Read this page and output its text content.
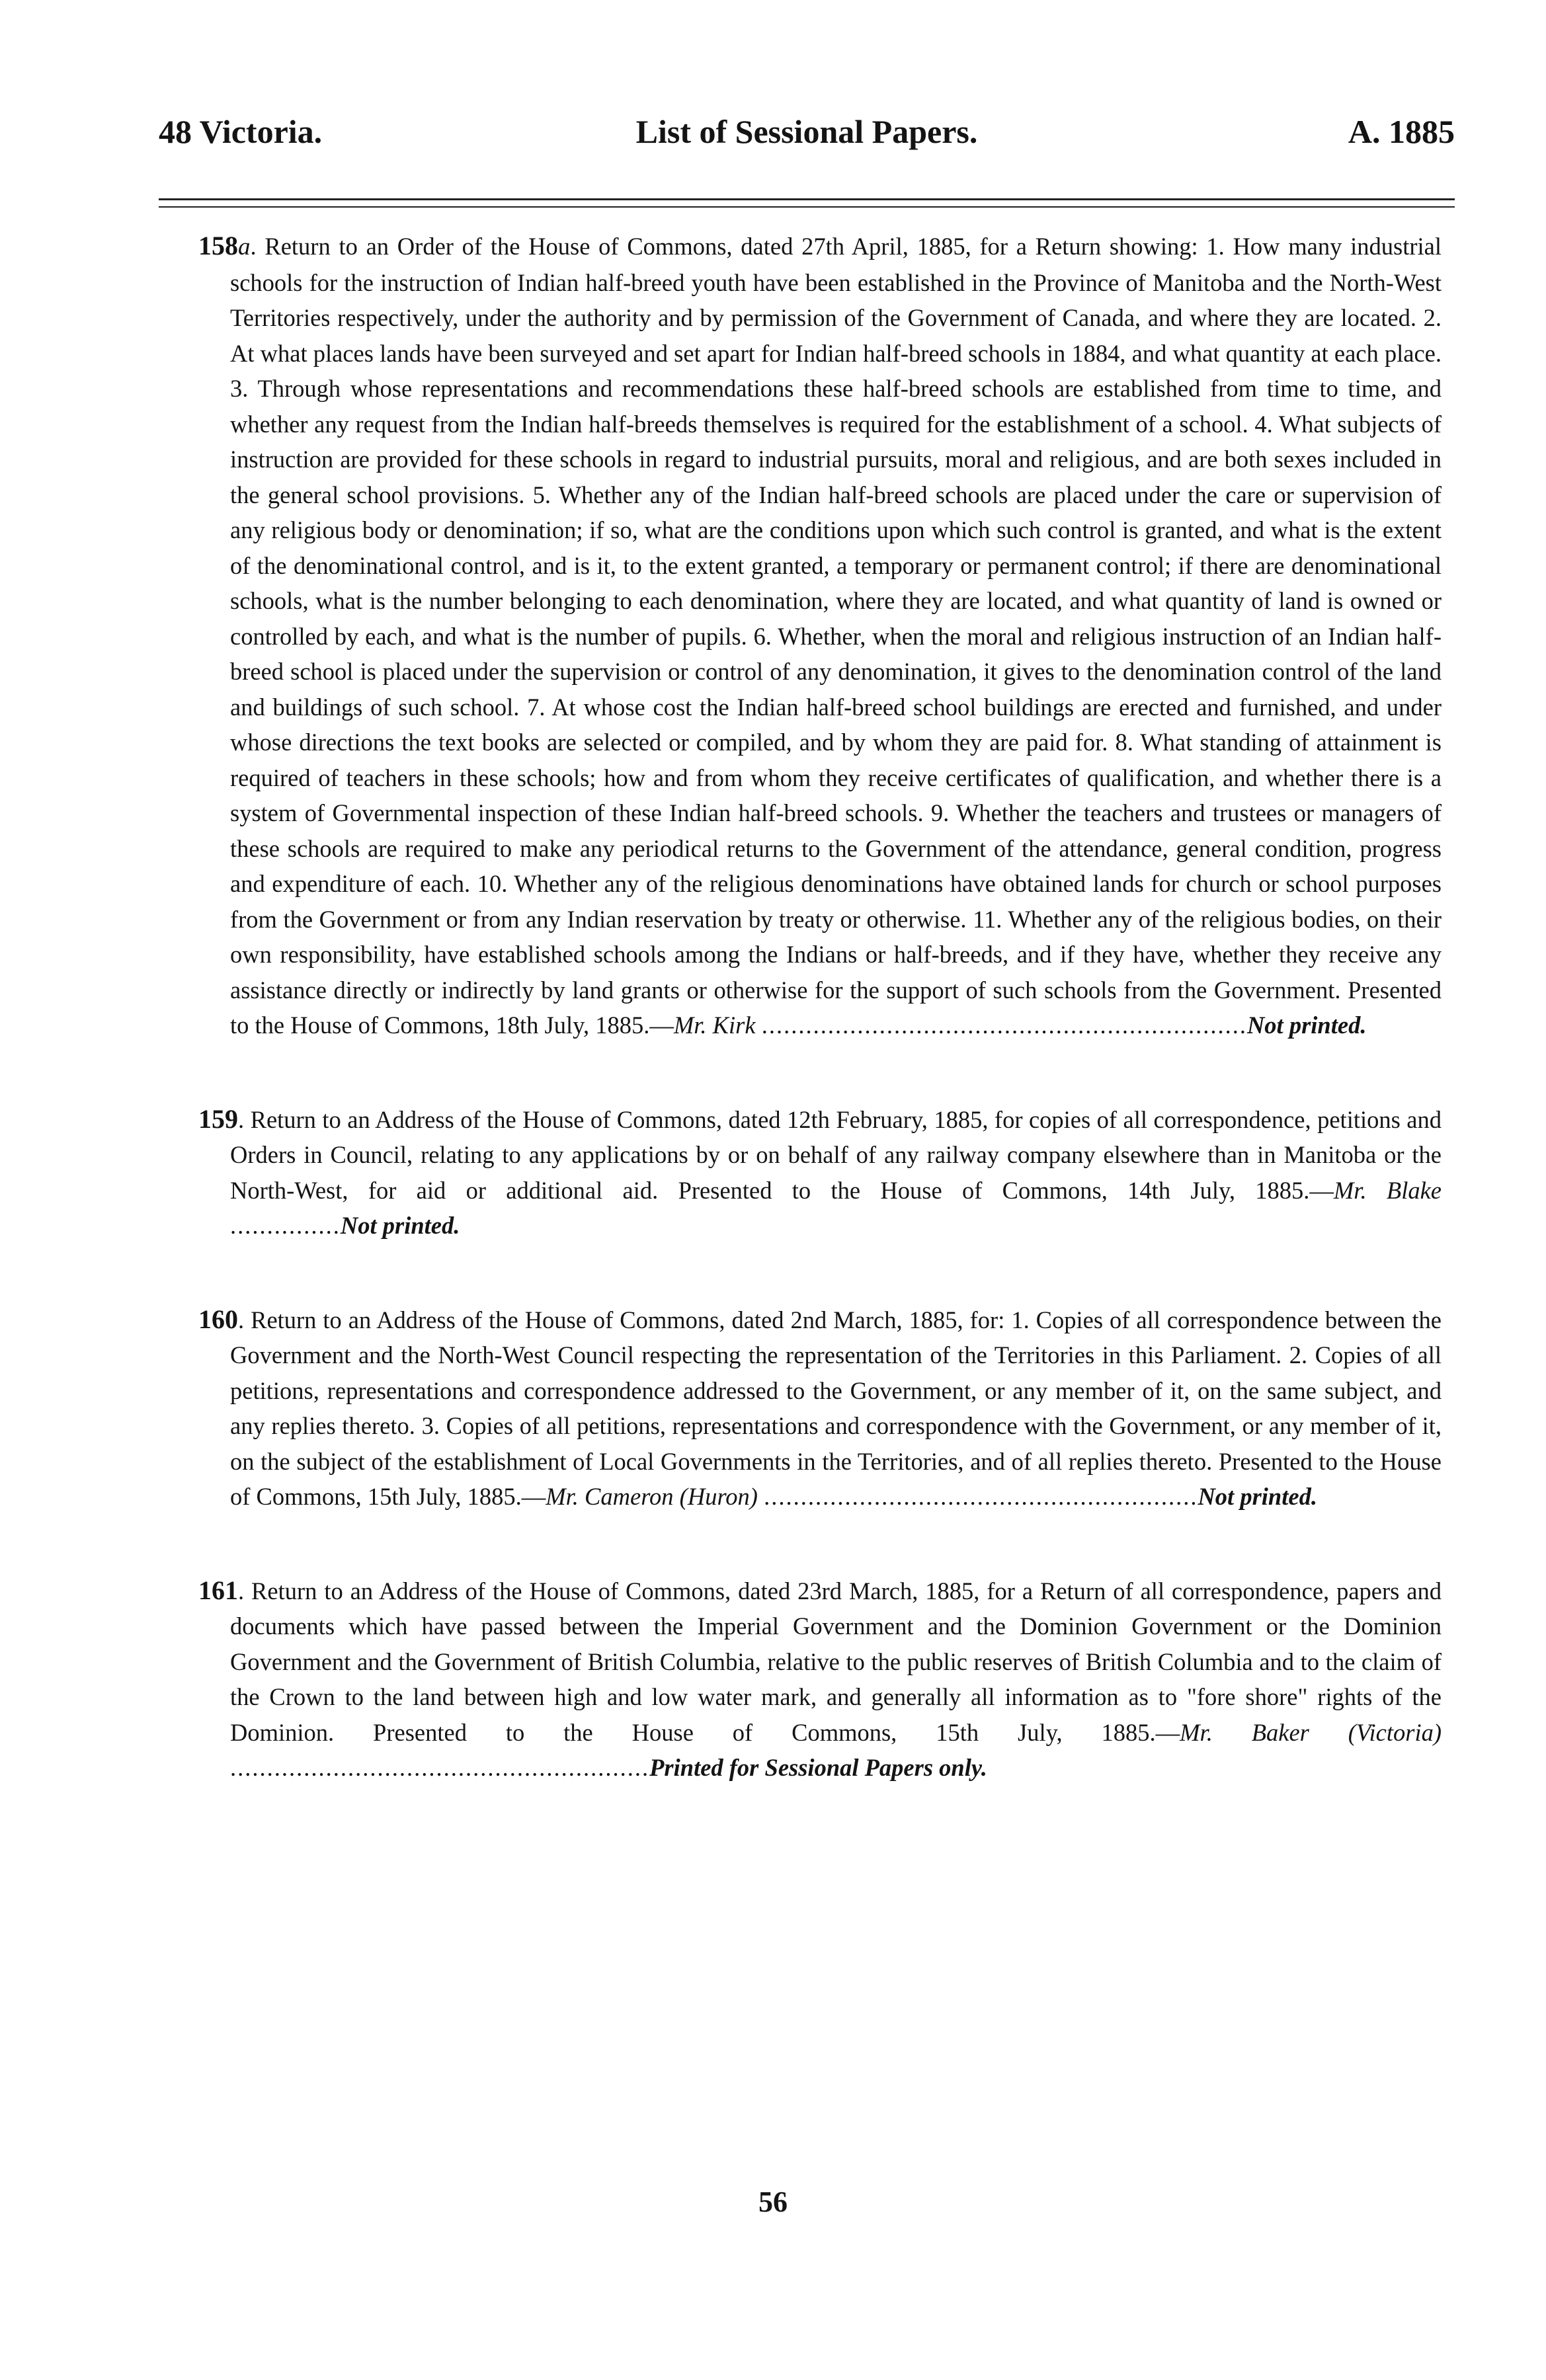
48 Victoria.	List of Sessional Papers.	A. 1885

158a. Return to an Order of the House of Commons, dated 27th April, 1885, for a Return showing: 1. How many industrial schools for the instruction of Indian half-breed youth have been established in the Province of Manitoba and the North-West Territories respectively, under the authority and by permission of the Government of Canada, and where they are located. 2. At what places lands have been surveyed and set apart for Indian half-breed schools in 1884, and what quantity at each place. 3. Through whose representations and recommendations these half-breed schools are established from time to time, and whether any request from the Indian half-breeds themselves is required for the establishment of a school. 4. What subjects of instruction are provided for these schools in regard to industrial pursuits, moral and religious, and are both sexes included in the general school provisions. 5. Whether any of the Indian half-breed schools are placed under the care or supervision of any religious body or denomination; if so, what are the conditions upon which such control is granted, and what is the extent of the denominational control, and is it, to the extent granted, a temporary or permanent control; if there are denominational schools, what is the number belonging to each denomination, where they are located, and what quantity of land is owned or controlled by each, and what is the number of pupils. 6. Whether, when the moral and religious instruction of an Indian half-breed school is placed under the supervision or control of any denomination, it gives to the denomination control of the land and buildings of such school. 7. At whose cost the Indian half-breed school buildings are erected and furnished, and under whose directions the text books are selected or compiled, and by whom they are paid for. 8. What standing of attainment is required of teachers in these schools; how and from whom they receive certificates of qualification, and whether there is a system of Governmental inspection of these Indian half-breed schools. 9. Whether the teachers and trustees or managers of these schools are required to make any periodical returns to the Government of the attendance, general condition, progress and expenditure of each. 10. Whether any of the religious denominations have obtained lands for church or school purposes from the Government or from any Indian reservation by treaty or otherwise. 11. Whether any of the religious bodies, on their own responsibility, have established schools among the Indians or half-breeds, and if they have, whether they receive any assistance directly or indirectly by land grants or otherwise for the support of such schools from the Government. Presented to the House of Commons, 18th July, 1885.—Mr. Kirk ..................................................................Not printed.

159. Return to an Address of the House of Commons, dated 12th February, 1885, for copies of all correspondence, petitions and Orders in Council, relating to any applications by or on behalf of any railway company elsewhere than in Manitoba or the North-West, for aid or additional aid. Presented to the House of Commons, 14th July, 1885.—Mr. Blake ...............Not printed.

160. Return to an Address of the House of Commons, dated 2nd March, 1885, for: 1. Copies of all correspondence between the Government and the North-West Council respecting the representation of the Territories in this Parliament. 2. Copies of all petitions, representations and correspondence addressed to the Government, or any member of it, on the same subject, and any replies thereto. 3. Copies of all petitions, representations and correspondence with the Government, or any member of it, on the subject of the establishment of Local Governments in the Territories, and of all replies thereto. Presented to the House of Commons, 15th July, 1885.—Mr. Cameron (Huron) ...........................................................Not printed.

161. Return to an Address of the House of Commons, dated 23rd March, 1885, for a Return of all correspondence, papers and documents which have passed between the Imperial Government and the Dominion Government or the Dominion Government and the Government of British Columbia, relative to the public reserves of British Columbia and to the claim of the Crown to the land between high and low water mark, and generally all information as to "fore shore" rights of the Dominion. Presented to the House of Commons, 15th July, 1885.—Mr. Baker (Victoria) .........................................................Printed for Sessional Papers only.

56
